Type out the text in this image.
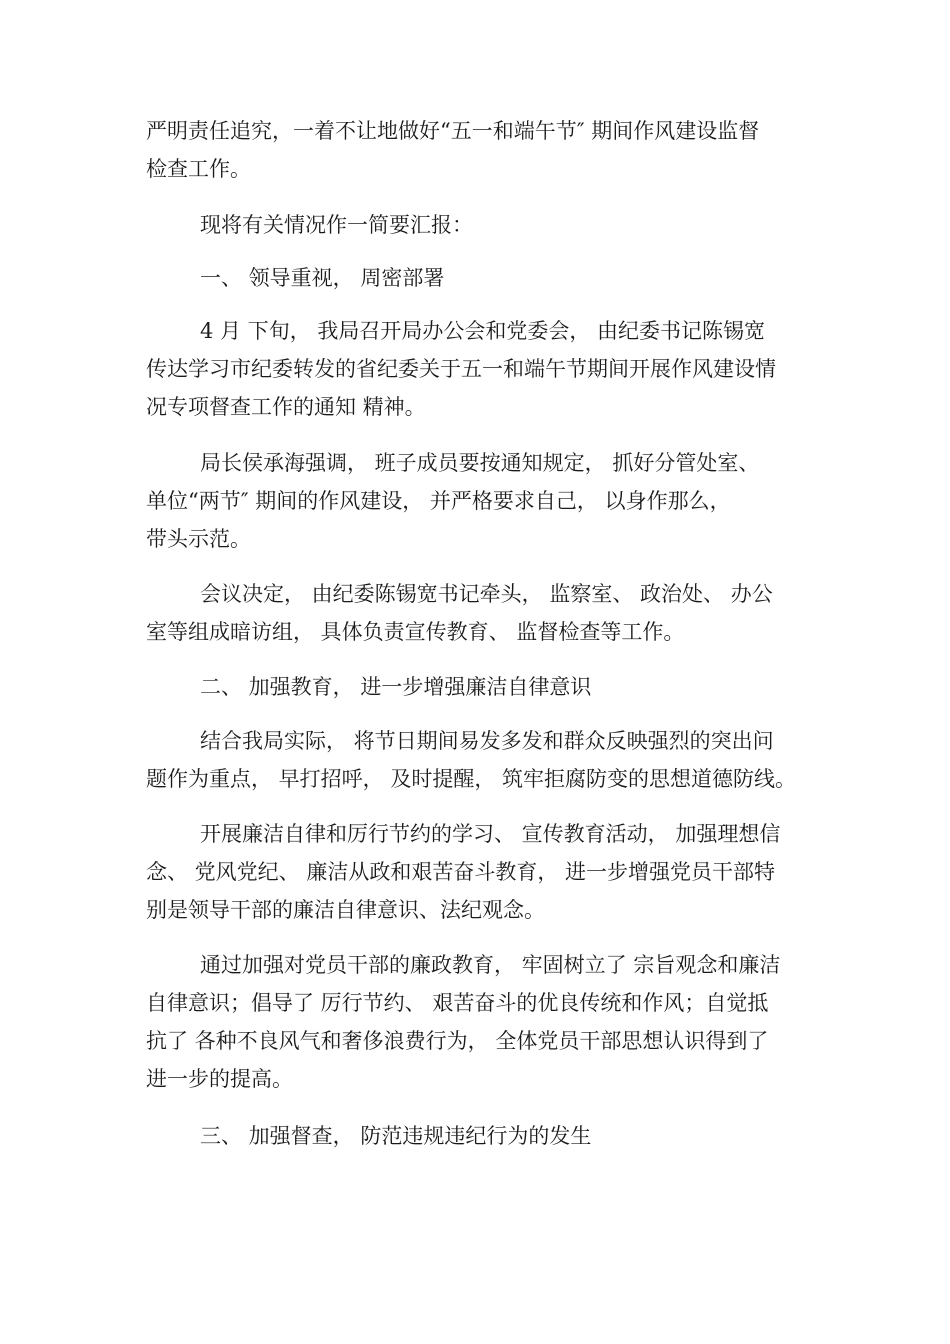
严明责任追究，一着不让地做好“五一和端午节″ 期间作风建设监督
检查工作。

现将有关情况作一简要汇报：

一、 领导重视， 周密部署

4 月 下旬， 我局召开局办公会和党委会， 由纪委书记陈锡宽
传达学习市纪委转发的省纪委关于五一和端午节期间开展作风建设情
况专项督查工作的通知 精神。

局长侯承海强调， 班子成员要按通知规定， 抓好分管处室、
单位“两节″ 期间的作风建设， 并严格要求自己， 以身作那么，
带头示范。

会议决定， 由纪委陈锡宽书记牵头， 监察室、 政治处、 办公
室等组成暗访组， 具体负责宣传教育、 监督检查等工作。

二、 加强教育， 进一步增强廉洁自律意识

结合我局实际， 将节日期间易发多发和群众反映强烈的突出问
题作为重点， 早打招呼， 及时提醒， 筑牢拒腐防变的思想道德防线。

开展廉洁自律和厉行节约的学习、 宣传教育活动， 加强理想信
念、 党风党纪、 廉洁从政和艰苦奋斗教育， 进一步增强党员干部特
别是领导干部的廉洁自律意识、法纪观念。

通过加强对党员干部的廉政教育， 牢固树立了 宗旨观念和廉洁
自律意识；倡导了 厉行节约、 艰苦奋斗的优良传统和作风；自觉抵
抗了 各种不良风气和奢侈浪费行为， 全体党员干部思想认识得到了
进一步的提高。

三、 加强督查， 防范违规违纪行为的发生
